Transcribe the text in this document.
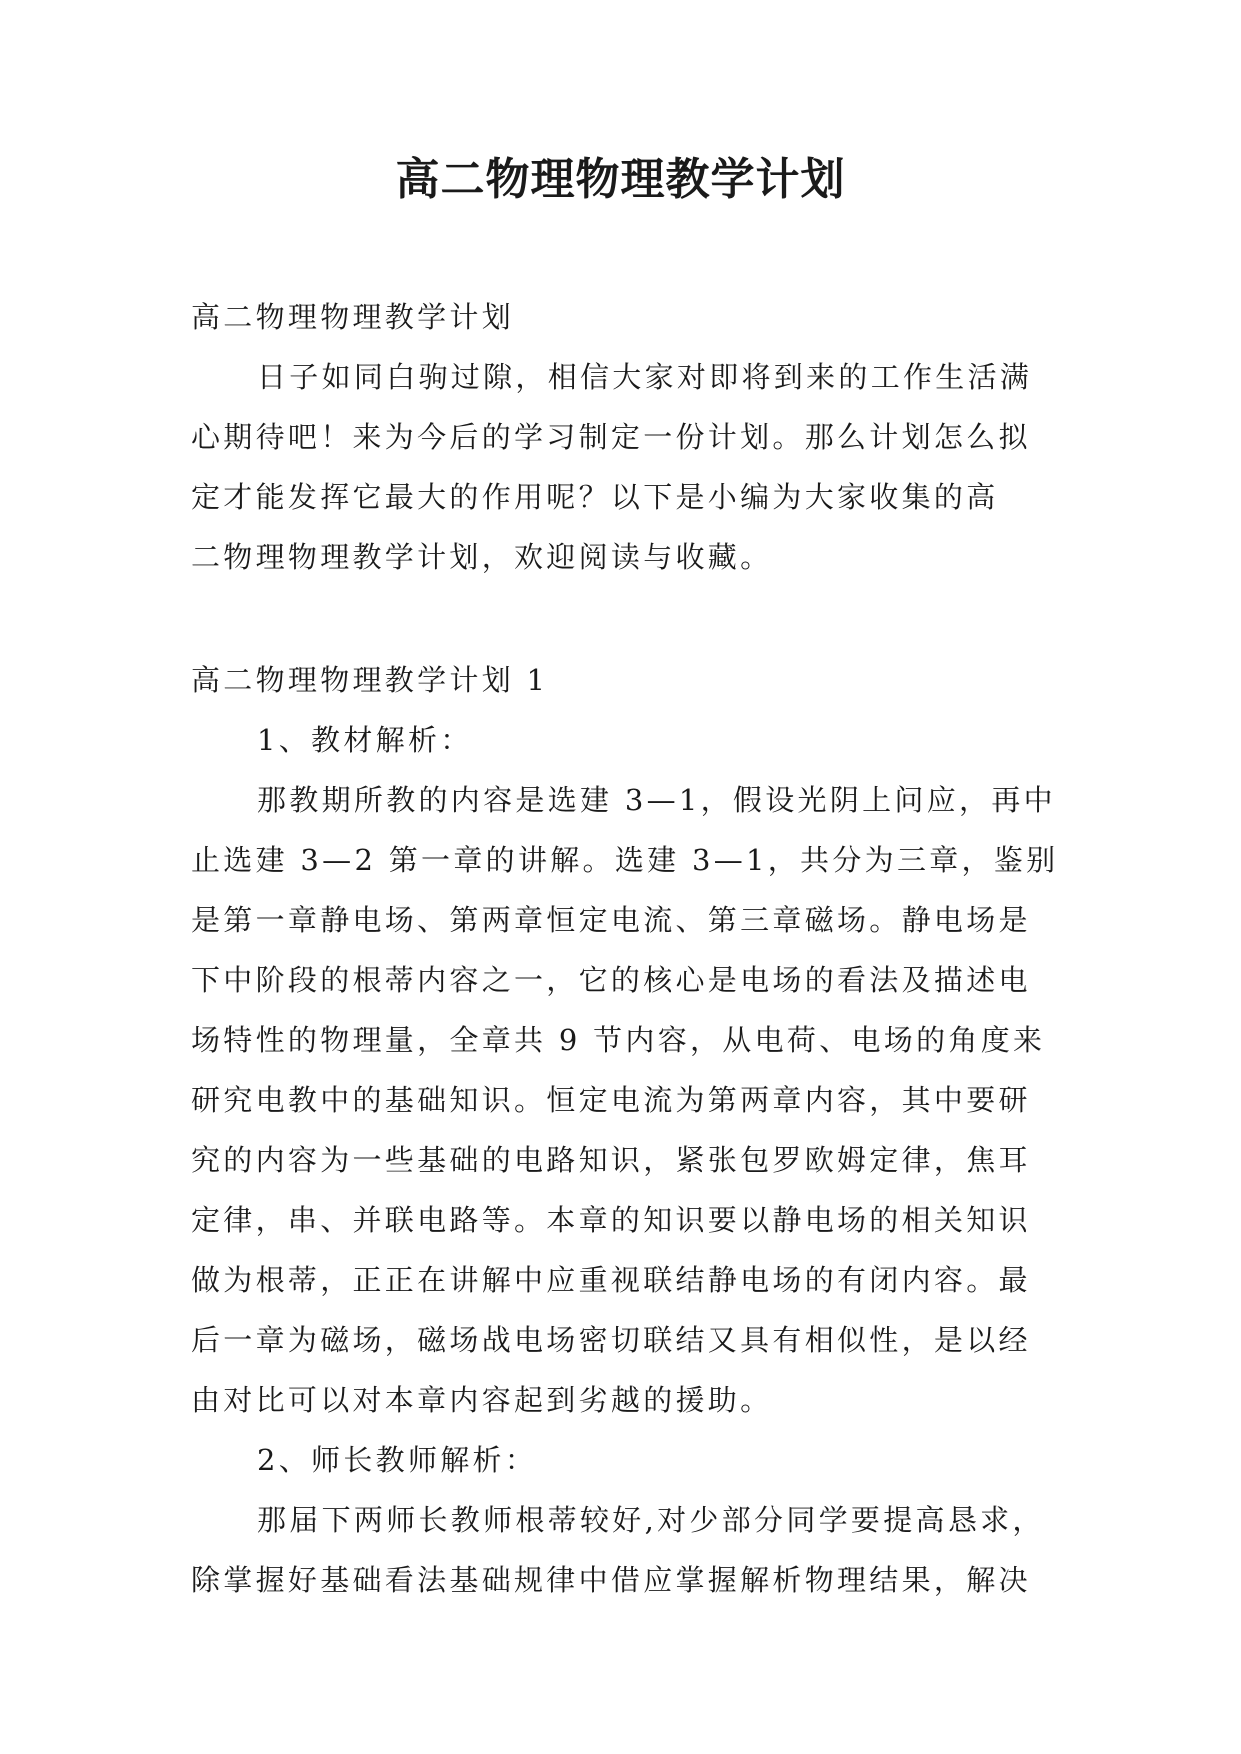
高二物理物理教学计划
高二物理物理教学计划
日子如同白驹过隙，相信大家对即将到来的工作生活满
心期待吧！来为今后的学习制定一份计划。那么计划怎么拟
定才能发挥它最大的作用呢？以下是小编为大家收集的高
二物理物理教学计划，欢迎阅读与收藏。
高二物理物理教学计划 1
1、教材解析：
那教期所教的内容是选建 3—1，假设光阴上问应，再中
止选建 3—2 第一章的讲解。选建 3—1，共分为三章，鉴别
是第一章静电场、第两章恒定电流、第三章磁场。静电场是
下中阶段的根蒂内容之一，它的核心是电场的看法及描述电
场特性的物理量，全章共 9 节内容，从电荷、电场的角度来
研究电教中的基础知识。恒定电流为第两章内容，其中要研
究的内容为一些基础的电路知识，紧张包罗欧姆定律，焦耳
定律，串、并联电路等。本章的知识要以静电场的相关知识
做为根蒂，正正在讲解中应重视联结静电场的有闭内容。最
后一章为磁场，磁场战电场密切联结又具有相似性，是以经
由对比可以对本章内容起到劣越的援助。
2、师长教师解析：
那届下两师长教师根蒂较好,对少部分同学要提高恳求，
除掌握好基础看法基础规律中借应掌握解析物理结果，解决
